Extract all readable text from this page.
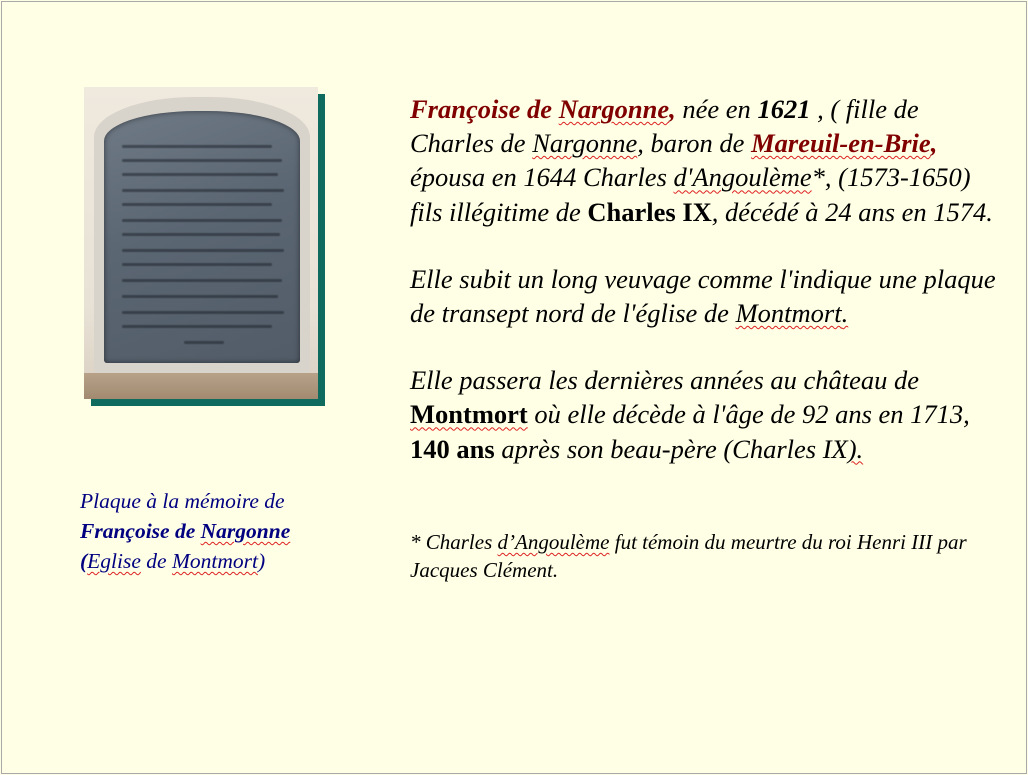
Plaque à la mémoire de
Françoise de Nargonne
(Eglise de Montmort)

Françoise de Nargonne, née en 1621 , ( fille de Charles de Nargonne, baron de Mareuil-en-Brie, épousa en 1644 Charles d'Angoulème*, (1573-1650) fils illégitime de Charles IX, décédé à 24 ans en 1574.

Elle subit un long veuvage comme l'indique une plaque de transept nord de l'église de Montmort.

Elle passera les dernières années au château de Montmort où elle décède à l'âge de 92 ans en 1713, 140 ans après son beau-père (Charles IX).

* Charles d’Angoulème fut témoin du meurtre du roi Henri III par Jacques Clément.
